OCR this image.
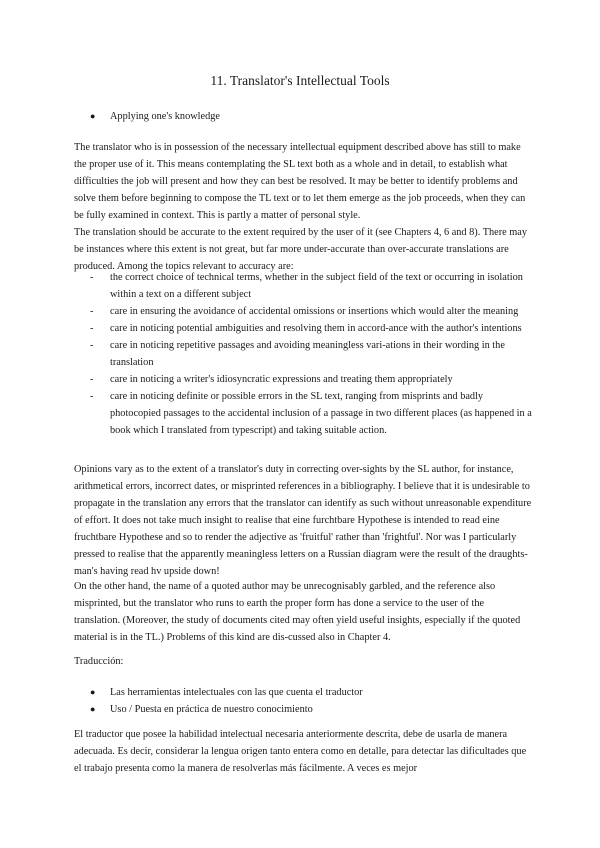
11. Translator's Intellectual Tools
●	Applying one's knowledge

The translator who is in possession of the necessary intellectual equipment described above has still to make the proper use of it. This means contemplating the SL text both as a whole and in detail, to establish what difficulties the job will present and how they can best be resolved. It may be better to identify problems and solve them before beginning to compose the TL text or to let them emerge as the job proceeds, when they can be fully examined in context. This is partly a matter of personal style.

The translation should be accurate to the extent required by the user of it (see Chapters 4, 6 and 8). There may be instances where this extent is not great, but far more under-accurate than over-accurate translations are produced. Among the topics relevant to accuracy are:

-	the correct choice of technical terms, whether in the subject field of the text or occurring in isolation within a text on a different subject
-	care in ensuring the avoidance of accidental omissions or insertions which would alter the meaning
-	care in noticing potential ambiguities and resolving them in accord-ance with the author's intentions
-	care in noticing repetitive passages and avoiding meaningless vari-ations in their wording in the translation
-	care in noticing a writer's idiosyncratic expressions and treating them appropriately
-	care in noticing definite or possible errors in the SL text, ranging from misprints and badly photocopied passages to the accidental inclusion of a passage in two different places (as happened in a book which I translated from typescript) and taking suitable action.

Opinions vary as to the extent of a translator's duty in correcting over-sights by the SL author, for instance, arithmetical errors, incorrect dates, or misprinted references in a bibliography. I believe that it is undesirable to propagate in the translation any errors that the translator can identify as such without unreasonable expenditure of effort. It does not take much insight to realise that eine furchtbare Hypothese is intended to read eine fruchtbare Hypothese and so to render the adjective as 'fruitful' rather than 'frightful'. Nor was I particularly pressed to realise that the apparently meaningless letters on a Russian diagram were the result of the draughts-man's having read hv upside down!

On the other hand, the name of a quoted author may be unrecognisably garbled, and the reference also misprinted, but the translator who runs to earth the proper form has done a service to the user of the translation. (Moreover, the study of documents cited may often yield useful insights, especially if the quoted material is in the TL.) Problems of this kind are dis-cussed also in Chapter 4.

Traducción:

●	Las herramientas intelectuales con las que cuenta el traductor
●	Uso / Puesta en práctica de nuestro conocimiento

El traductor que posee la habilidad intelectual necesaria anteriormente descrita, debe de usarla de manera adecuada. Es decir, considerar la lengua origen tanto entera como en detalle, para detectar las dificultades que el trabajo presenta como la manera de resolverlas más fácilmente. A veces es mejor
